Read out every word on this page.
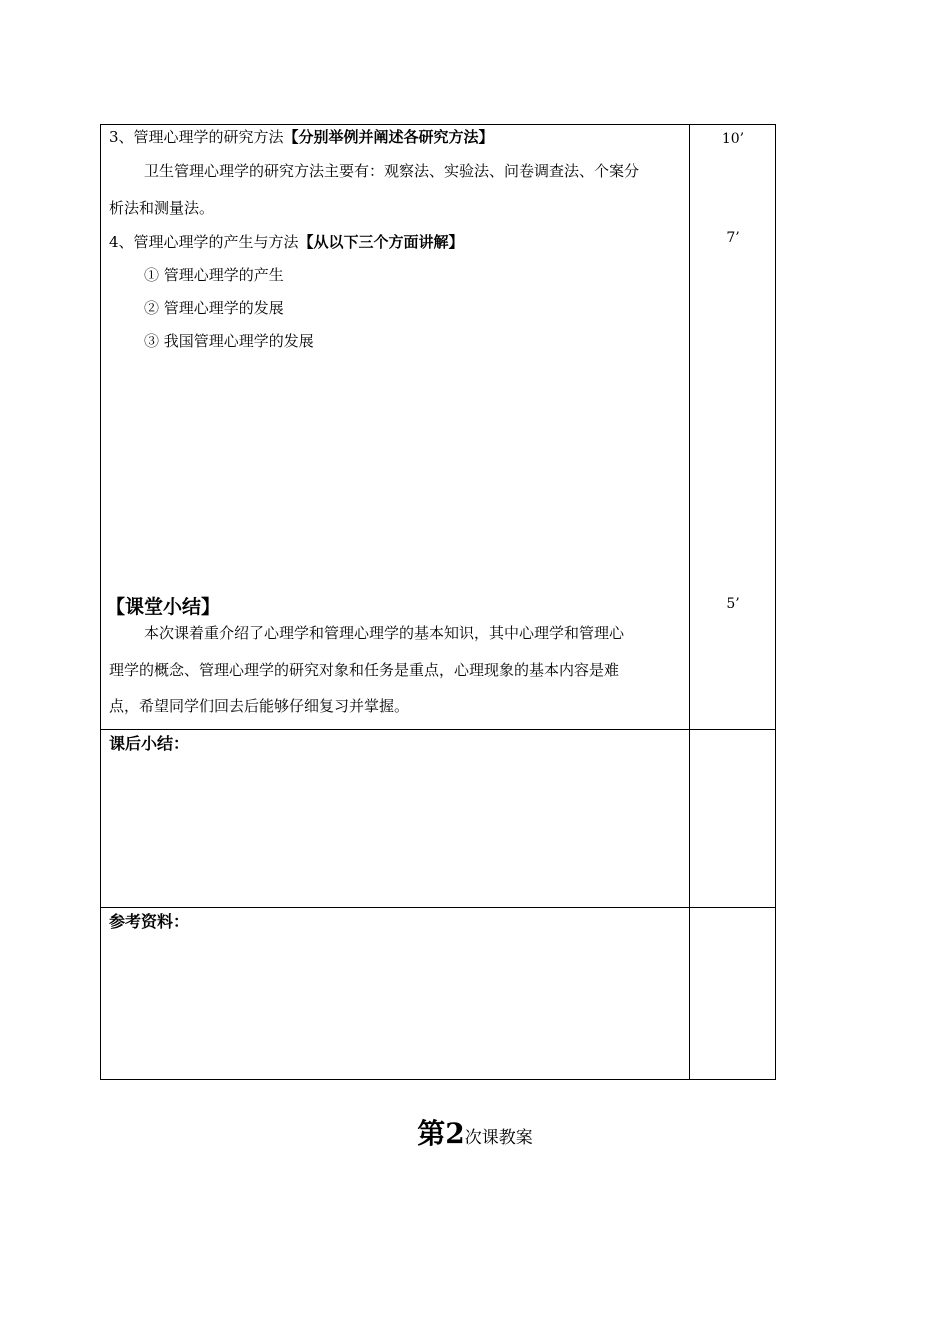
3、管理心理学的研究方法【分别举例并阐述各研究方法】
卫生管理心理学的研究方法主要有：观察法、实验法、问卷调查法、个案分
析法和测量法。
4、管理心理学的产生与方法【从以下三个方面讲解】
① 管理心理学的产生
② 管理心理学的发展
③ 我国管理心理学的发展
【课堂小结】
本次课着重介绍了心理学和管理心理学的基本知识，其中心理学和管理心
理学的概念、管理心理学的研究对象和任务是重点，心理现象的基本内容是难
点，希望同学们回去后能够仔细复习并掌握。
10’
7’
5’
课后小结：
参考资料：
第2次课教案
